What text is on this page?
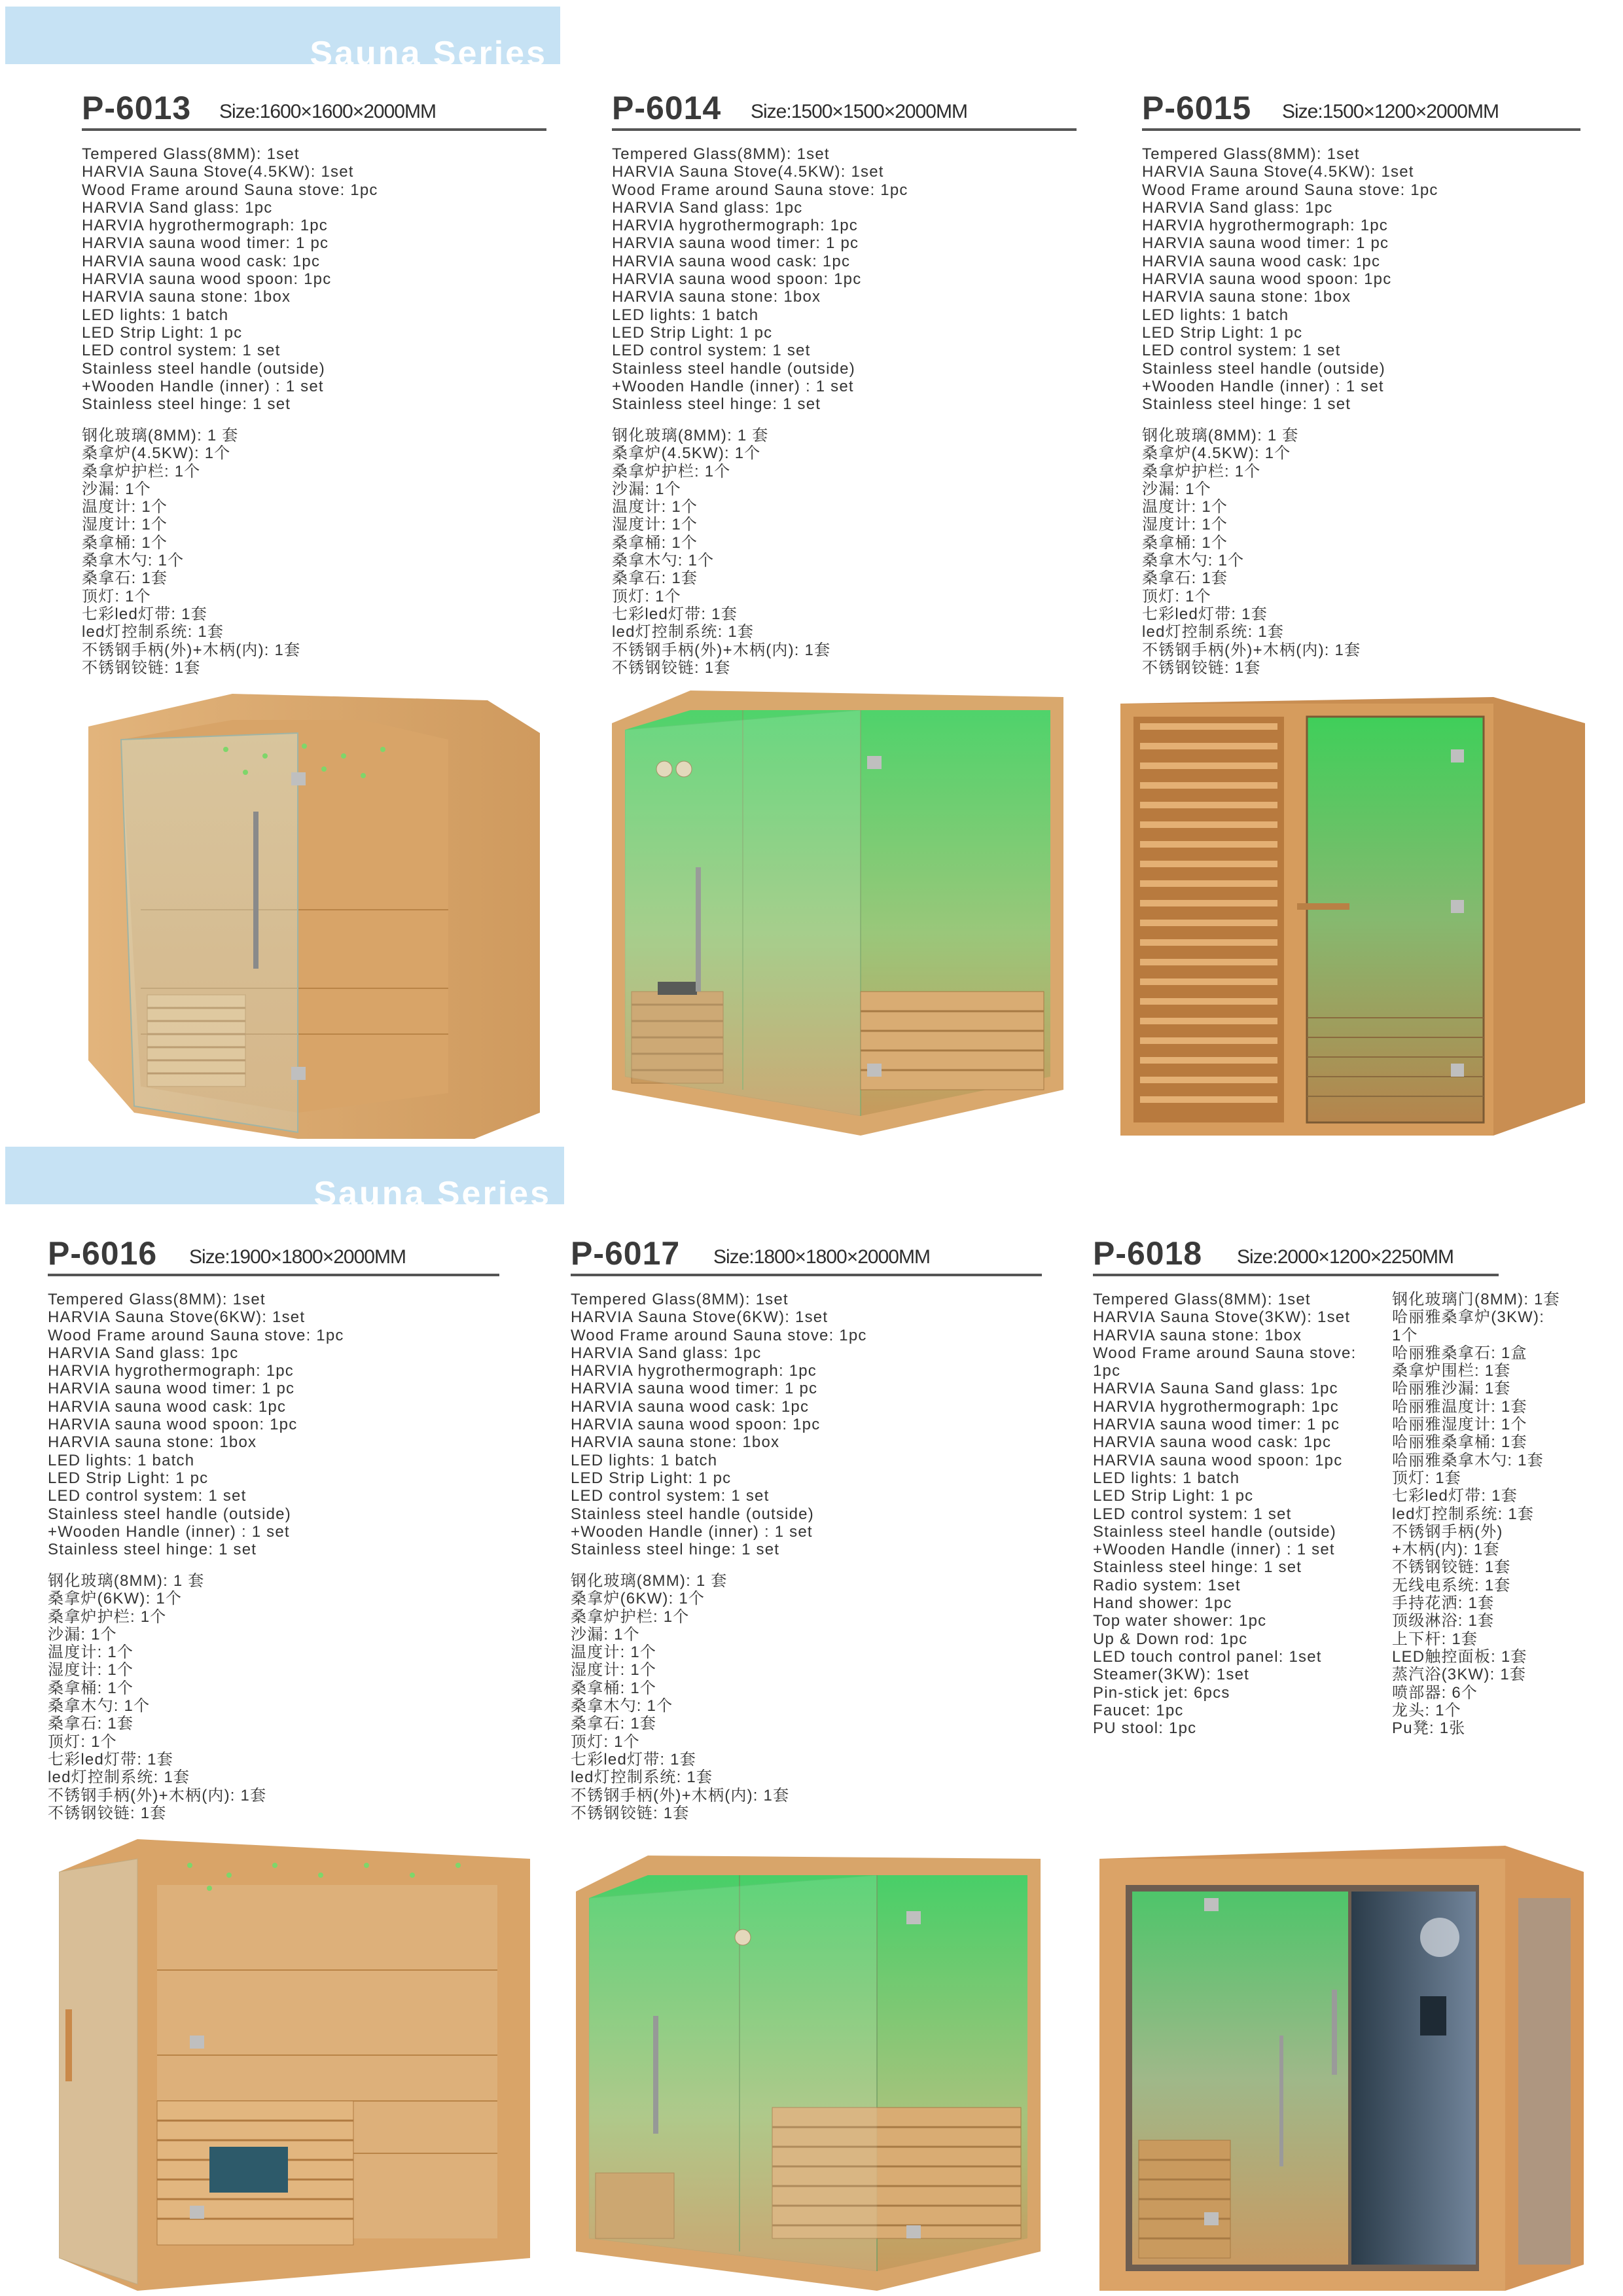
Sauna Series
Sauna Series
P-6013 Size:1600×1600×2000MM
Tempered Glass(8MM): 1set
HARVIA Sauna Stove(4.5KW): 1set
Wood Frame around Sauna stove: 1pc
HARVIA Sand glass: 1pc
HARVIA hygrothermograph: 1pc
HARVIA sauna wood timer: 1 pc
HARVIA sauna wood cask: 1pc
HARVIA sauna wood spoon: 1pc
HARVIA sauna stone: 1box
LED lights: 1 batch
LED Strip Light: 1 pc
LED control system: 1 set
Stainless steel handle (outside)
+Wooden Handle (inner) : 1 set
Stainless steel hinge: 1 set
钢化玻璃(8MM): 1 套
桑拿炉(4.5KW): 1个
桑拿炉护栏: 1个
沙漏: 1个
温度计: 1个
湿度计: 1个
桑拿桶: 1个
桑拿木勺: 1个
桑拿石: 1套
顶灯: 1个
七彩led灯带: 1套
led灯控制系统: 1套
不锈钢手柄(外)+木柄(内): 1套
不锈钢铰链: 1套
P-6014 Size:1500×1500×2000MM
Tempered Glass(8MM): 1set
HARVIA Sauna Stove(4.5KW): 1set
Wood Frame around Sauna stove: 1pc
HARVIA Sand glass: 1pc
HARVIA hygrothermograph: 1pc
HARVIA sauna wood timer: 1 pc
HARVIA sauna wood cask: 1pc
HARVIA sauna wood spoon: 1pc
HARVIA sauna stone: 1box
LED lights: 1 batch
LED Strip Light: 1 pc
LED control system: 1 set
Stainless steel handle (outside)
+Wooden Handle (inner) : 1 set
Stainless steel hinge: 1 set
钢化玻璃(8MM): 1 套
桑拿炉(4.5KW): 1个
桑拿炉护栏: 1个
沙漏: 1个
温度计: 1个
湿度计: 1个
桑拿桶: 1个
桑拿木勺: 1个
桑拿石: 1套
顶灯: 1个
七彩led灯带: 1套
led灯控制系统: 1套
不锈钢手柄(外)+木柄(内): 1套
不锈钢铰链: 1套
P-6015 Size:1500×1200×2000MM
Tempered Glass(8MM): 1set
HARVIA Sauna Stove(4.5KW): 1set
Wood Frame around Sauna stove: 1pc
HARVIA Sand glass: 1pc
HARVIA hygrothermograph: 1pc
HARVIA sauna wood timer: 1 pc
HARVIA sauna wood cask: 1pc
HARVIA sauna wood spoon: 1pc
HARVIA sauna stone: 1box
LED lights: 1 batch
LED Strip Light: 1 pc
LED control system: 1 set
Stainless steel handle (outside)
+Wooden Handle (inner) : 1 set
Stainless steel hinge: 1 set
钢化玻璃(8MM): 1 套
桑拿炉(4.5KW): 1个
桑拿炉护栏: 1个
沙漏: 1个
温度计: 1个
湿度计: 1个
桑拿桶: 1个
桑拿木勺: 1个
桑拿石: 1套
顶灯: 1个
七彩led灯带: 1套
led灯控制系统: 1套
不锈钢手柄(外)+木柄(内): 1套
不锈钢铰链: 1套
P-6016 Size:1900×1800×2000MM
Tempered Glass(8MM): 1set
HARVIA Sauna Stove(6KW): 1set
Wood Frame around Sauna stove: 1pc
HARVIA Sand glass: 1pc
HARVIA hygrothermograph: 1pc
HARVIA sauna wood timer: 1 pc
HARVIA sauna wood cask: 1pc
HARVIA sauna wood spoon: 1pc
HARVIA sauna stone: 1box
LED lights: 1 batch
LED Strip Light: 1 pc
LED control system: 1 set
Stainless steel handle (outside)
+Wooden Handle (inner) : 1 set
Stainless steel hinge: 1 set
钢化玻璃(8MM): 1 套
桑拿炉(6KW): 1个
桑拿炉护栏: 1个
沙漏: 1个
温度计: 1个
湿度计: 1个
桑拿桶: 1个
桑拿木勺: 1个
桑拿石: 1套
顶灯: 1个
七彩led灯带: 1套
led灯控制系统: 1套
不锈钢手柄(外)+木柄(内): 1套
不锈钢铰链: 1套
P-6017 Size:1800×1800×2000MM
Tempered Glass(8MM): 1set
HARVIA Sauna Stove(6KW): 1set
Wood Frame around Sauna stove: 1pc
HARVIA Sand glass: 1pc
HARVIA hygrothermograph: 1pc
HARVIA sauna wood timer: 1 pc
HARVIA sauna wood cask: 1pc
HARVIA sauna wood spoon: 1pc
HARVIA sauna stone: 1box
LED lights: 1 batch
LED Strip Light: 1 pc
LED control system: 1 set
Stainless steel handle (outside)
+Wooden Handle (inner) : 1 set
Stainless steel hinge: 1 set
钢化玻璃(8MM): 1 套
桑拿炉(6KW): 1个
桑拿炉护栏: 1个
沙漏: 1个
温度计: 1个
湿度计: 1个
桑拿桶: 1个
桑拿木勺: 1个
桑拿石: 1套
顶灯: 1个
七彩led灯带: 1套
led灯控制系统: 1套
不锈钢手柄(外)+木柄(内): 1套
不锈钢铰链: 1套
P-6018 Size:2000×1200×2250MM
Tempered Glass(8MM): 1set
HARVIA Sauna Stove(3KW): 1set
HARVIA sauna stone: 1box
Wood Frame around Sauna stove:
1pc
HARVIA Sauna Sand glass: 1pc
HARVIA hygrothermograph: 1pc
HARVIA sauna wood timer: 1 pc
HARVIA sauna wood cask: 1pc
HARVIA sauna wood spoon: 1pc
LED lights: 1 batch
LED Strip Light: 1 pc
LED control system: 1 set
Stainless steel handle (outside)
+Wooden Handle (inner) : 1 set
Stainless steel hinge: 1 set
Radio system: 1set
Hand shower: 1pc
Top water shower: 1pc
Up & Down rod: 1pc
LED touch control panel: 1set
Steamer(3KW): 1set
Pin-stick jet: 6pcs
Faucet: 1pc
PU stool: 1pc
钢化玻璃门(8MM): 1套
哈丽雅桑拿炉(3KW):
1个
哈丽雅桑拿石: 1盒
桑拿炉围栏: 1套
哈丽雅沙漏: 1套
哈丽雅温度计: 1套
哈丽雅湿度计: 1个
哈丽雅桑拿桶: 1套
哈丽雅桑拿木勺: 1套
顶灯: 1套
七彩led灯带: 1套
led灯控制系统: 1套
不锈钢手柄(外)
+木柄(内): 1套
不锈钢铰链: 1套
无线电系统: 1套
手持花洒: 1套
顶级淋浴: 1套
上下杆: 1套
LED触控面板: 1套
蒸汽浴(3KW): 1套
喷部器: 6个
龙头: 1个
Pu凳: 1张
